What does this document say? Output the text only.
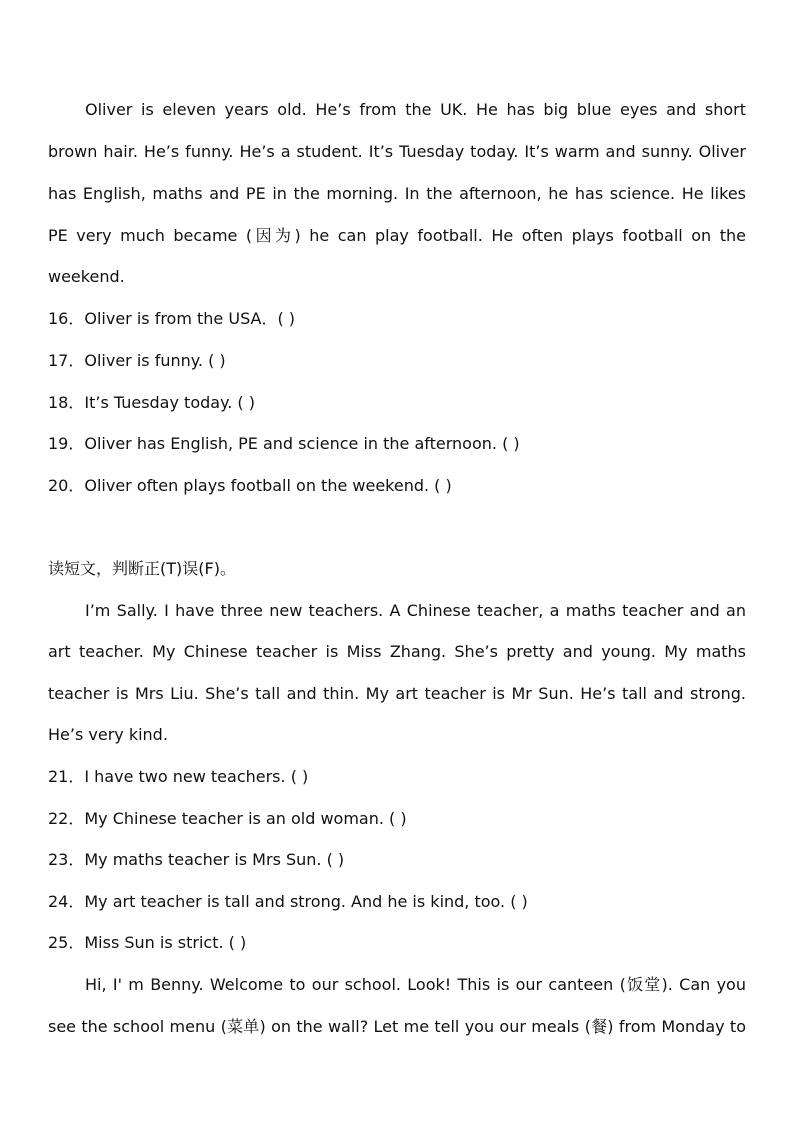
Oliver is eleven years old. He’s from the UK. He has big blue eyes and short
brown hair. He’s funny. He’s a student. It’s Tuesday today. It’s warm and sunny. Oliver
has English, maths and PE in the morning. In the afternoon, he has science. He likes
PE very much became (因为) he can play football. He often plays football on the
weekend.
16．Oliver is from the USA．( )
17．Oliver is funny. ( )
18．It’s Tuesday today. ( )
19．Oliver has English, PE and science in the afternoon. ( )
20．Oliver often plays football on the weekend. ( )
读短文，判断正(T)误(F)。
I’m Sally. I have three new teachers. A Chinese teacher, a maths teacher and an
art teacher. My Chinese teacher is Miss Zhang. She’s pretty and young. My maths
teacher is Mrs Liu. She’s tall and thin. My art teacher is Mr Sun. He’s tall and strong.
He’s very kind.
21．I have two new teachers. ( )
22．My Chinese teacher is an old woman. ( )
23．My maths teacher is Mrs Sun. ( )
24．My art teacher is tall and strong. And he is kind, too. ( )
25．Miss Sun is strict. ( )
Hi, I' m Benny. Welcome to our school. Look! This is our canteen (饭堂). Can you
see the school menu (菜单) on the wall? Let me tell you our meals (餐) from Monday to
